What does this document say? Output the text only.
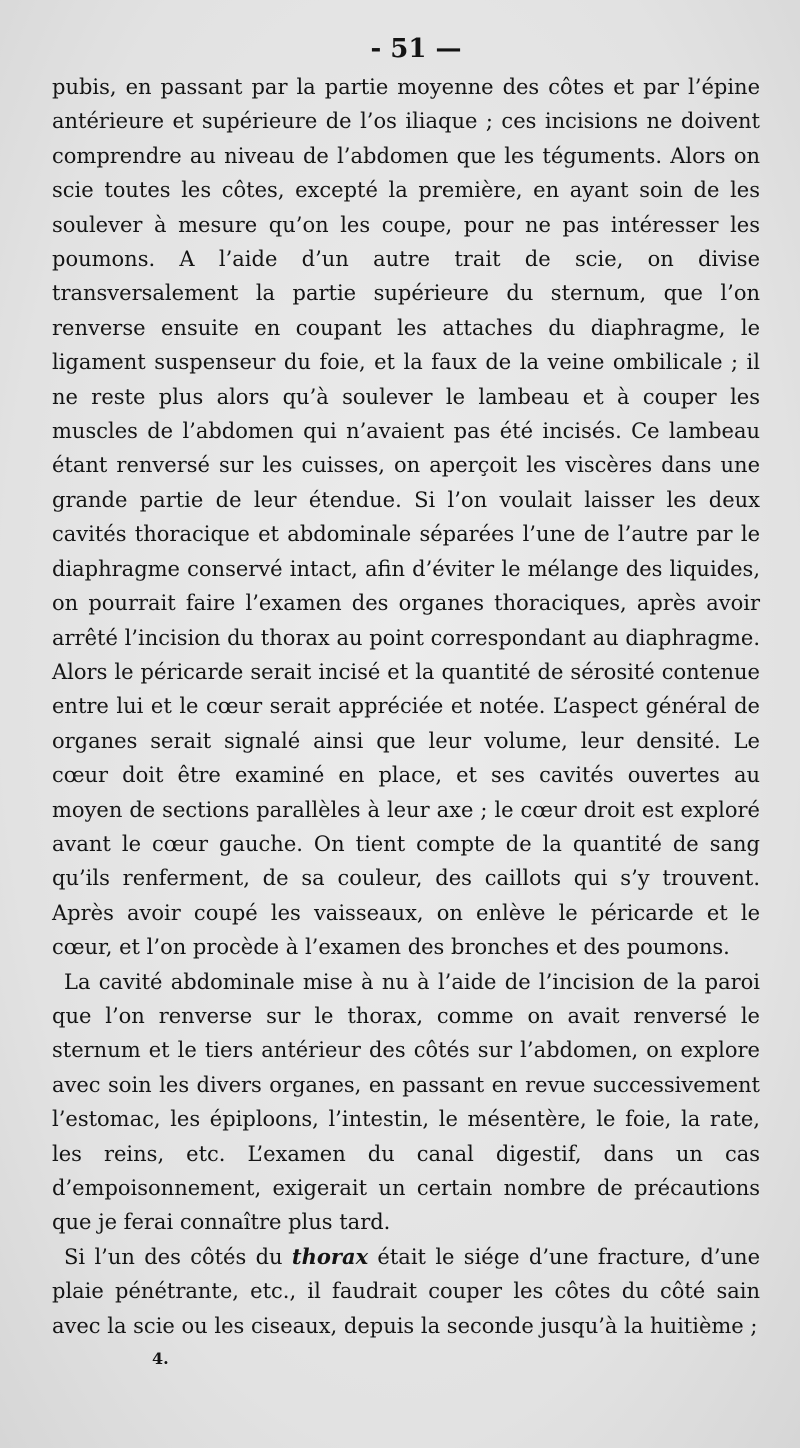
- 51 —

pubis, en passant par la partie moyenne des côtes et par l’épine antérieure et supérieure de l’os iliaque ; ces incisions ne doivent comprendre au niveau de l’abdomen que les téguments. Alors on scie toutes les côtes, excepté la première, en ayant soin de les soulever à mesure qu’on les coupe, pour ne pas intéresser les poumons. A l’aide d’un autre trait de scie, on divise transversalement la partie supérieure du sternum, que l’on renverse ensuite en coupant les attaches du diaphragme, le ligament suspenseur du foie, et la faux de la veine ombilicale ; il ne reste plus alors qu’à soulever le lambeau et à couper les muscles de l’abdomen qui n’avaient pas été incisés. Ce lambeau étant renversé sur les cuisses, on aperçoit les viscères dans une grande partie de leur étendue. Si l’on voulait laisser les deux cavités thoracique et abdominale séparées l’une de l’autre par le diaphragme conservé intact, afin d’éviter le mélange des liquides, on pourrait faire l’examen des organes thoraciques, après avoir arrêté l’incision du thorax au point correspondant au diaphragme. Alors le péricarde serait incisé et la quantité de sérosité contenue entre lui et le cœur serait appréciée et notée. L’aspect général de organes serait signalé ainsi que leur volume, leur densité. Le cœur doit être examiné en place, et ses cavités ouvertes au moyen de sections parallèles à leur axe ; le cœur droit est exploré avant le cœur gauche. On tient compte de la quantité de sang qu’ils renferment, de sa couleur, des caillots qui s’y trouvent. Après avoir coupé les vaisseaux, on enlève le péricarde et le cœur, et l’on procède à l’examen des bronches et des poumons.

La cavité abdominale mise à nu à l’aide de l’incision de la paroi que l’on renverse sur le thorax, comme on avait renversé le sternum et le tiers antérieur des côtés sur l’abdomen, on explore avec soin les divers organes, en passant en revue successivement l’estomac, les épiploons, l’intestin, le mésentère, le foie, la rate, les reins, etc. L’examen du canal digestif, dans un cas d’empoisonnement, exigerait un certain nombre de précautions que je ferai connaître plus tard.

Si l’un des côtés du thorax était le siége d’une fracture, d’une plaie pénétrante, etc., il faudrait couper les côtes du côté sain avec la scie ou les ciseaux, depuis la seconde jusqu’à la huitième ;

4.
